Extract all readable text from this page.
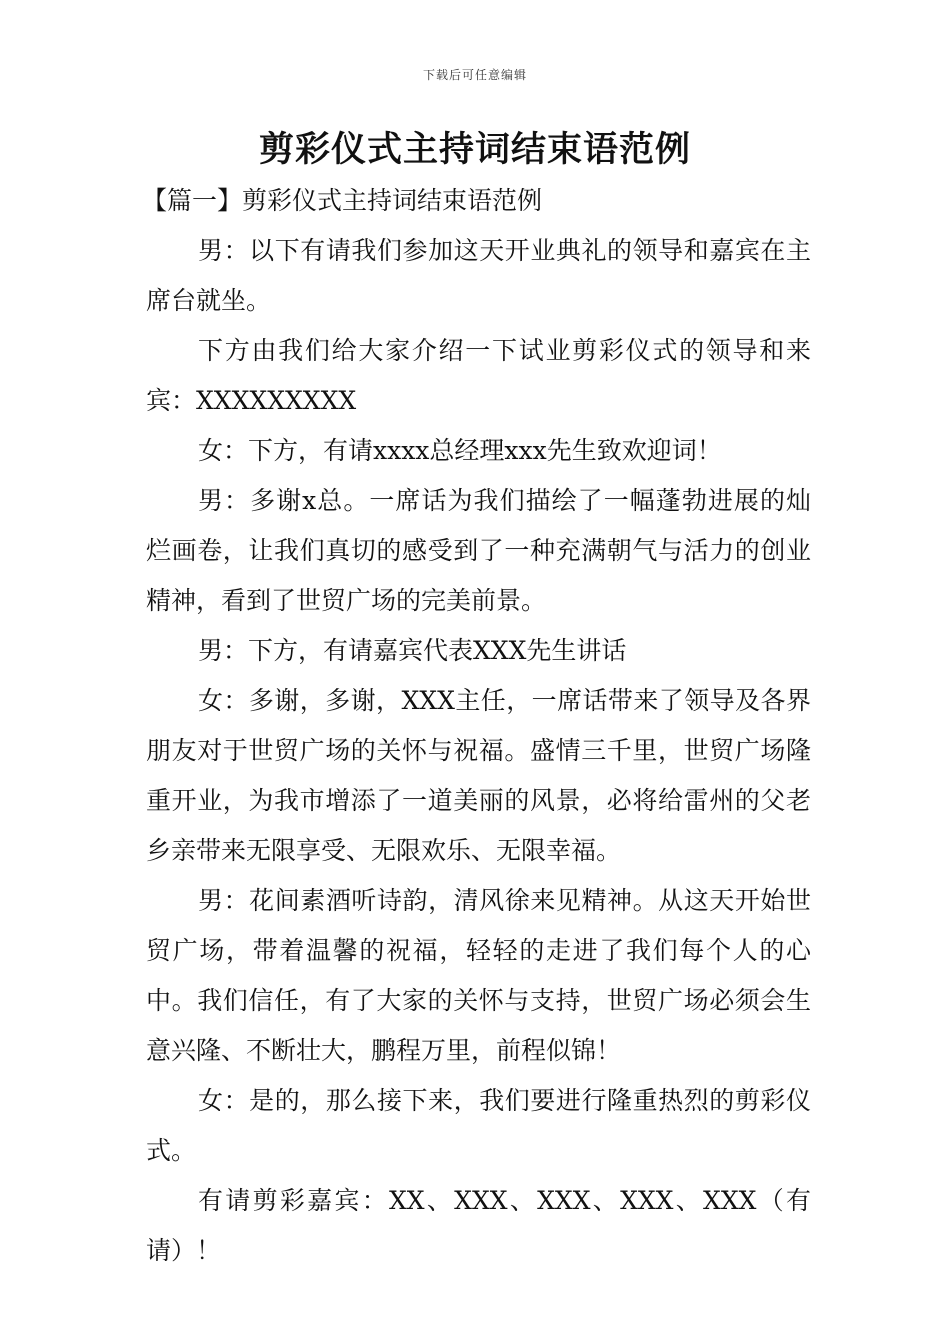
下载后可任意编辑
剪彩仪式主持词结束语范例

【篇一】剪彩仪式主持词结束语范例

男：以下有请我们参加这天开业典礼的领导和嘉宾在主席台就坐。

下方由我们给大家介绍一下试业剪彩仪式的领导和来宾：XXXXXXXXX

女：下方，有请xxxx总经理xxx先生致欢迎词！

男：多谢x总。一席话为我们描绘了一幅蓬勃进展的灿烂画卷，让我们真切的感受到了一种充满朝气与活力的创业精神，看到了世贸广场的完美前景。

男：下方，有请嘉宾代表XXX先生讲话

女：多谢，多谢，XXX主任，一席话带来了领导及各界朋友对于世贸广场的关怀与祝福。盛情三千里，世贸广场隆重开业，为我市增添了一道美丽的风景，必将给雷州的父老乡亲带来无限享受、无限欢乐、无限幸福。

男：花间素酒听诗韵，清风徐来见精神。从这天开始世贸广场，带着温馨的祝福，轻轻的走进了我们每个人的心中。我们信任，有了大家的关怀与支持，世贸广场必须会生意兴隆、不断壮大，鹏程万里，前程似锦！

女：是的，那么接下来，我们要进行隆重热烈的剪彩仪式。

有请剪彩嘉宾：XX、XXX、XXX、XXX、XXX（有请）！
